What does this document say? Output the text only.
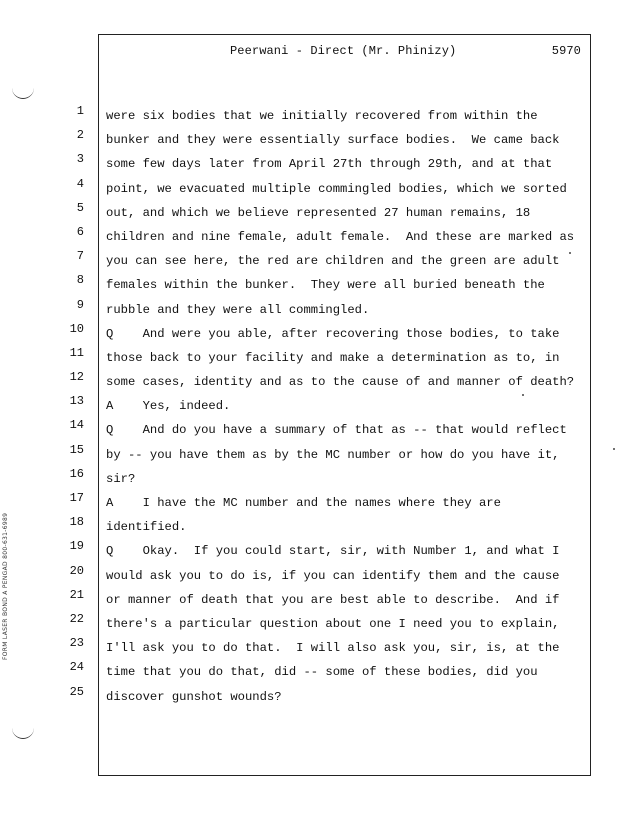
Peerwani - Direct (Mr. Phinizy)	5970
FORM LASER BOND A PENGAD 800-631-6989
1
2
3
4
5
6
7
8
9
10
11
12
13
14
15
16
17
18
19
20
21
22
23
24
25
were six bodies that we initially recovered from within the
bunker and they were essentially surface bodies.  We came back
some few days later from April 27th through 29th, and at that
point, we evacuated multiple commingled bodies, which we sorted
out, and which we believe represented 27 human remains, 18
children and nine female, adult female.  And these are marked as
you can see here, the red are children and the green are adult
females within the bunker.  They were all buried beneath the
rubble and they were all commingled.
Q    And were you able, after recovering those bodies, to take
those back to your facility and make a determination as to, in
some cases, identity and as to the cause of and manner of death?
A    Yes, indeed.
Q    And do you have a summary of that as -- that would reflect
by -- you have them as by the MC number or how do you have it,
sir?
A    I have the MC number and the names where they are
identified.
Q    Okay.  If you could start, sir, with Number 1, and what I
would ask you to do is, if you can identify them and the cause
or manner of death that you are best able to describe.  And if
there's a particular question about one I need you to explain,
I'll ask you to do that.  I will also ask you, sir, is, at the
time that you do that, did -- some of these bodies, did you
discover gunshot wounds?
